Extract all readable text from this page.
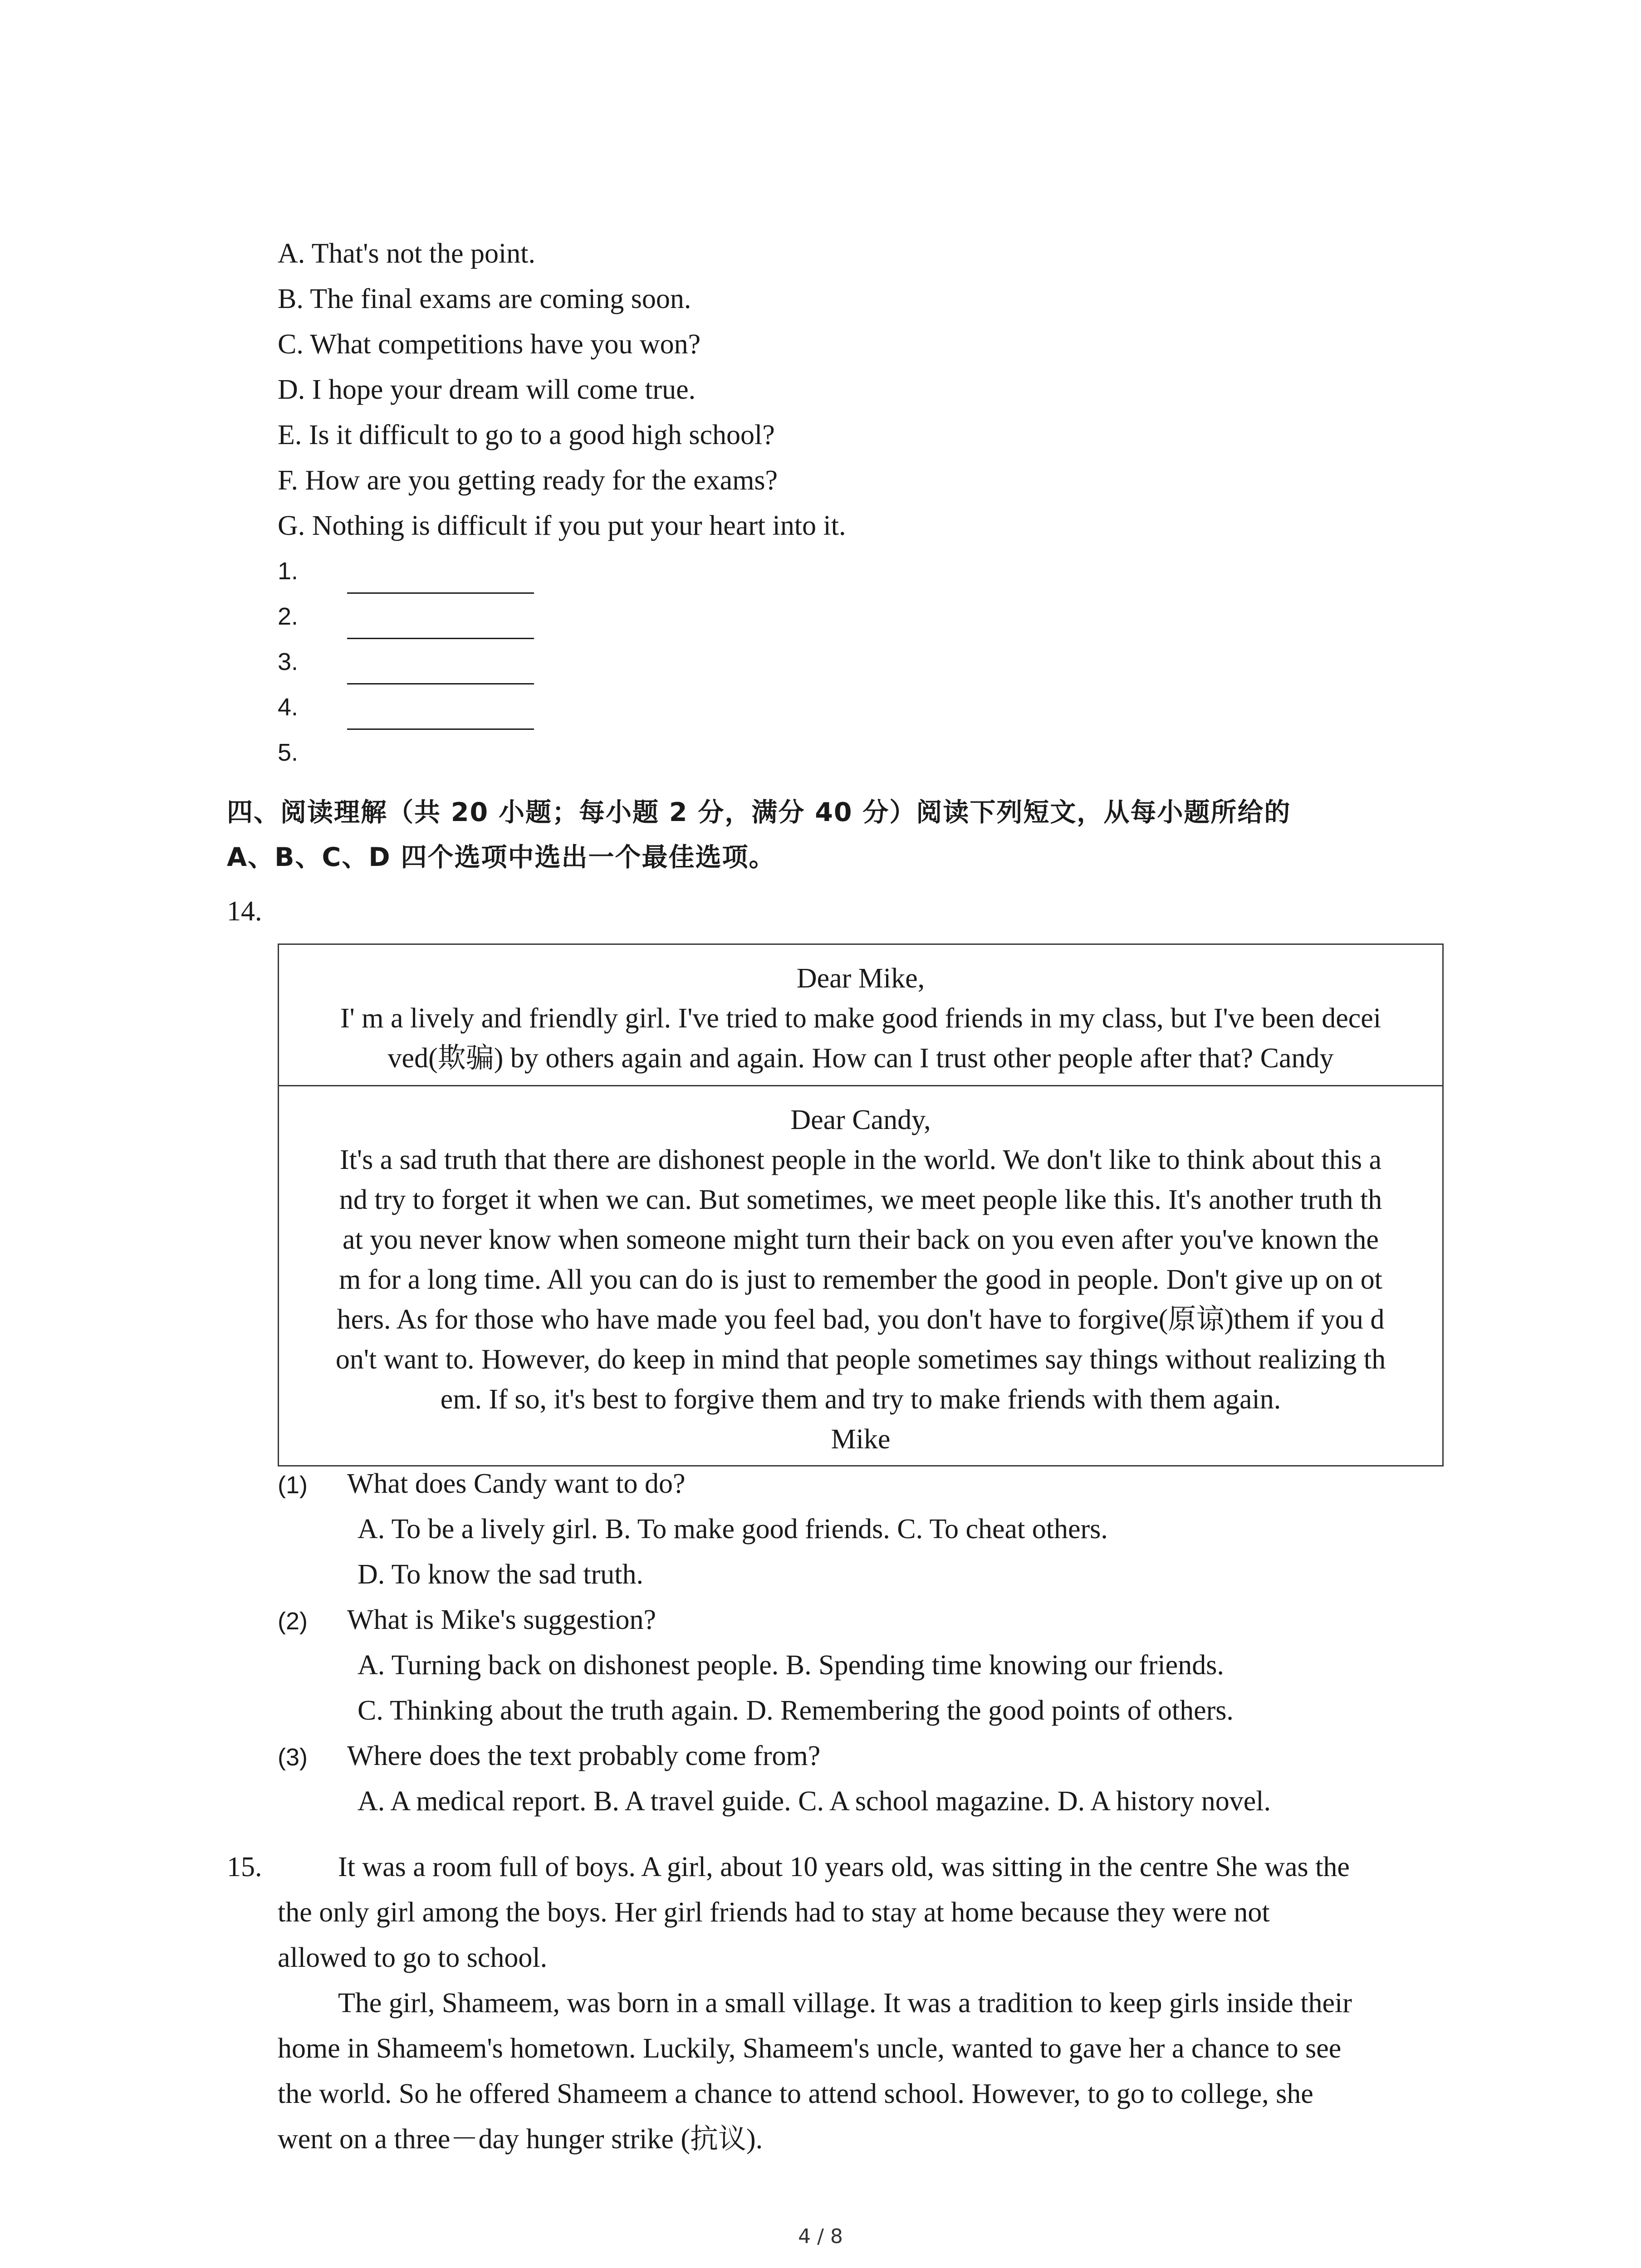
A. That's not the point.
B. The final exams are coming soon.
C. What competitions have you won?
D. I hope your dream will come true.
E. Is it difficult to go to a good high school?
F. How are you getting ready for the exams?
G. Nothing is difficult if you put your heart into it.
1.
2.
3.
4.
5.
四、阅读理解（共 20 小题；每小题 2 分，满分 40 分）阅读下列短文，从每小题所给的
A、B、C、D 四个选项中选出一个最佳选项。
14.

Dear Mike,

I' m a lively and friendly girl. I've tried to make good friends in my class, but I've been decei

ved(欺骗) by others again and again. How can I trust other people after that? Candy

Dear Candy,

It's a sad truth that there are dishonest people in the world. We don't like to think about this a

nd try to forget it when we can. But sometimes, we meet people like this. It's another truth th

at you never know when someone might turn their back on you even after you've known the

m for a long time. All you can do is just to remember the good in people. Don't give up on ot

hers. As for those who have made you feel bad, you don't have to forgive(原谅)them if you d

on't want to. However, do keep in mind that people sometimes say things without realizing th

em. If so, it's best to forgive them and try to make friends with them again.

Mike

(1) What does Candy want to do?
A. To be a lively girl. B. To make good friends. C. To cheat others.
D. To know the sad truth.
(2) What is Mike's suggestion?
A. Turning back on dishonest people. B. Spending time knowing our friends.
C. Thinking about the truth again. D. Remembering the good points of others.
(3) Where does the text probably come from?
A. A medical report. B. A travel guide. C. A school magazine. D. A history novel.
15.	It was a room full of boys. A girl, about 10 years old, was sitting in the centre She was the
the only girl among the boys. Her girl friends had to stay at home because they were not
allowed to go to school.
The girl, Shameem, was born in a small village. It was a tradition to keep girls inside their
home in Shameem's hometown. Luckily, Shameem's uncle, wanted to gave her a chance to see
the world. So he offered Shameem a chance to attend school. However, to go to college, she
went on a three－day hunger strike (抗议).
4 / 8
